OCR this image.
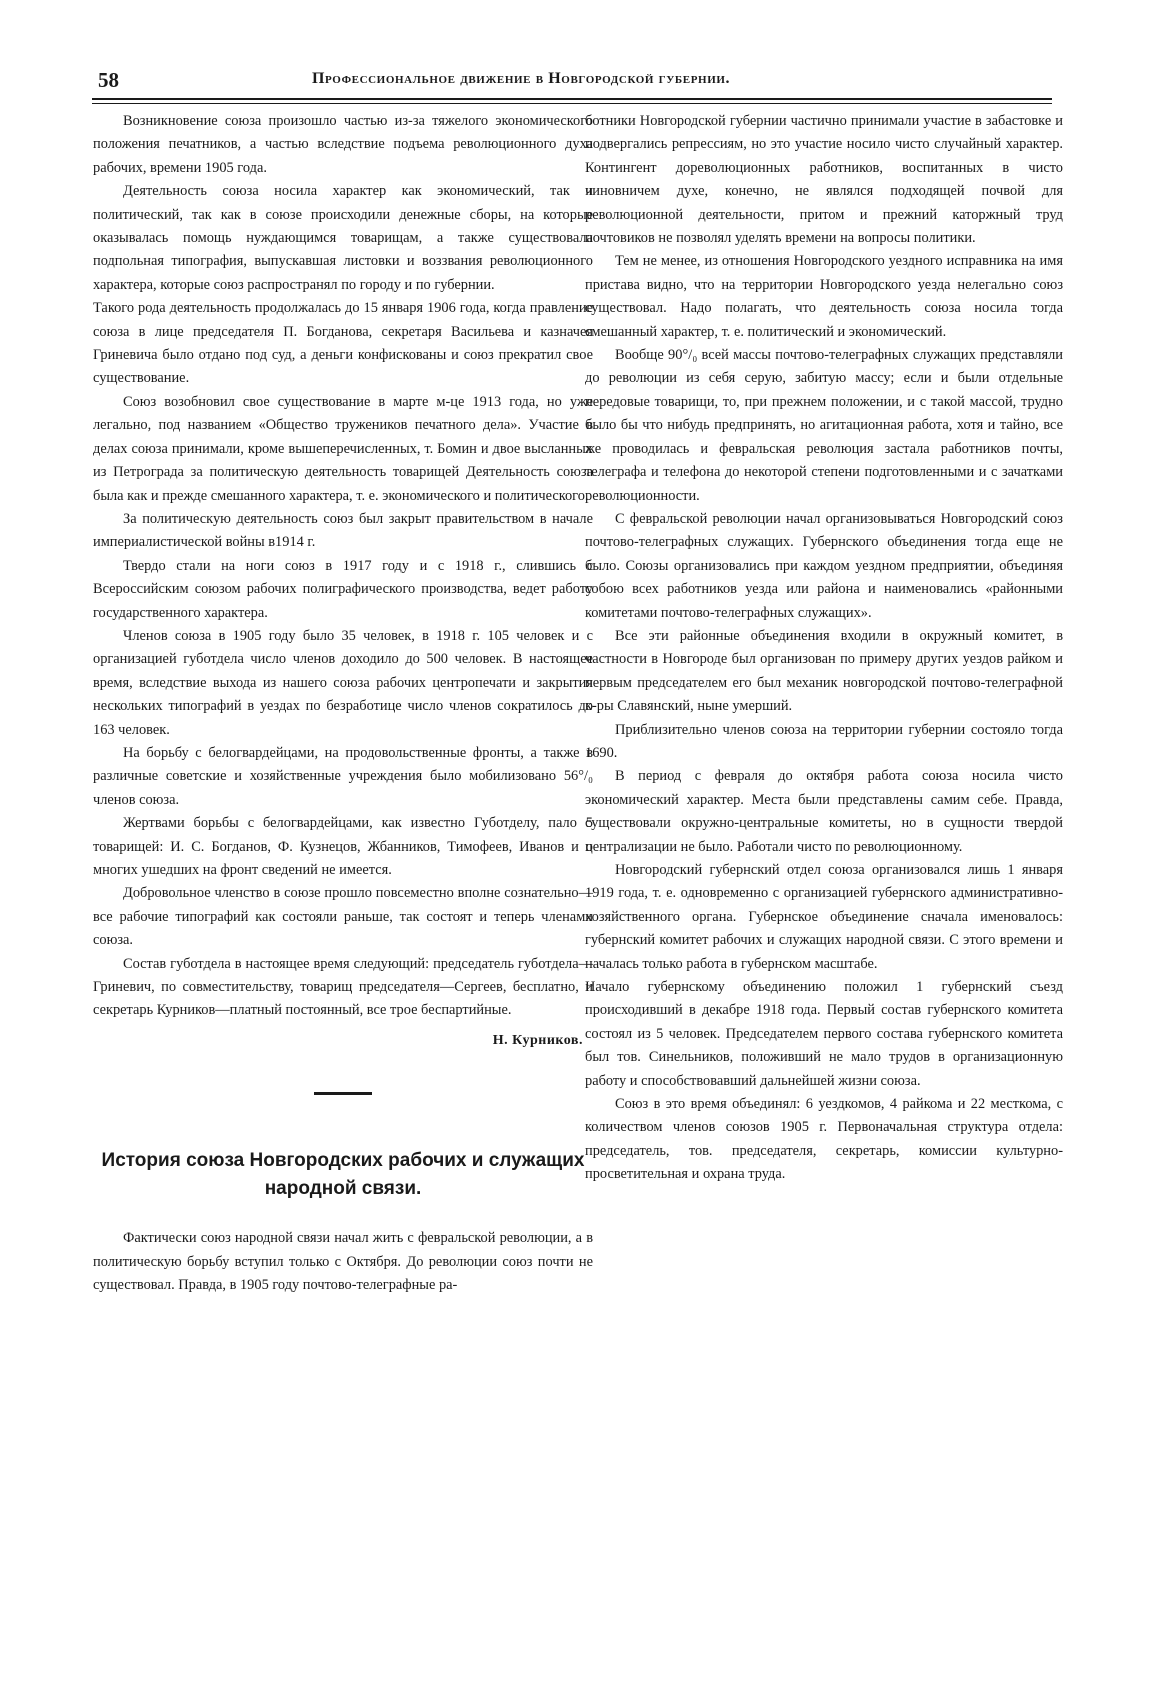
58	Профессиональное движение в Новгородской губернии.

Возникновение союза произошло частью из-за тяжелого экономического положения печатников, а частью вследствие подъема революционного духа рабочих, времени 1905 года.

Деятельность союза носила характер как экономический, так и политический, так как в союзе происходили денежные сборы, на которые оказывалась помощь нуждающимся товарищам, а также существовала подпольная типография, выпускавшая листовки и воззвания революционного характера, которые союз распространял по городу и по губернии.

Такого рода деятельность продолжалась до 15 января 1906 года, когда правление союза в лице председателя П. Богданова, секретаря Васильева и казначея Гриневича было отдано под суд, а деньги конфискованы и союз прекратил свое существование.

Союз возобновил свое существование в марте м-це 1913 года, но уже легально, под названием «Общество тружеников печатного дела». Участие в делах союза принимали, кроме вышеперечисленных, т. Бомин и двое высланных из Петрограда за политическую деятельность товарищей Деятельность союза была как и прежде смешанного характера, т. е. экономического и политического.

За политическую деятельность союз был закрыт правительством в начале империалистической войны в1914 г.

Твердо стали на ноги союз в 1917 году и с 1918 г., слившись с Всероссийским союзом рабочих полиграфического производства, ведет работу государственного характера.

Членов союза в 1905 году было 35 человек, в 1918 г. 105 человек и с организацией губотдела число членов доходило до 500 человек. В настоящее время, вследствие выхода из нашего союза рабочих центропечати и закрытия нескольких типографий в уездах по безработице число членов сократилось до 163 человек.

На борьбу с белогвардейцами, на продовольственные фронты, а также в различные советские и хозяйственные учреждения было мобилизовано 56°/₀ членов союза.

Жертвами борьбы с белогвардейцами, как известно Губотделу, пало 5 товарищей: И. С. Богданов, Ф. Кузнецов, Жбанников, Тимофеев, Иванов и о многих ушедших на фронт сведений не имеется.

Добровольное членство в союзе прошло повсеместно вполне сознательно—все рабочие типографий как состояли раньше, так состоят и теперь членами союза.

Состав губотдела в настоящее время следующий: председатель губотдела—Гриневич, по совместительству, товарищ председателя—Сергеев, бесплатно, и секретарь Курников—платный постоянный, все трое беспартийные.

Н. Курников.
История союза Новгородских рабочих и служащих народной связи.

Фактически союз народной связи начал жить с февральской революции, а в политическую борьбу вступил только с Октября. До революции союз почти не существовал. Правда, в 1905 году почтово-телеграфные ра-

ботники Новгородской губернии частично принимали участие в забастовке и подвергались репрессиям, но это участие носило чисто случайный характер. Контингент дореволюционных работников, воспитанных в чисто чиновничем духе, конечно, не являлся подходящей почвой для революционной деятельности, притом и прежний каторжный труд почтовиков не позволял уделять времени на вопросы политики.

Тем не менее, из отношения Новгородского уездного исправника на имя пристава видно, что на территории Новгородского уезда нелегально союз существовал. Надо полагать, что деятельность союза носила тогда смешанный характер, т. е. политический и экономический.

Вообще 90°/₀ всей массы почтово-телеграфных служащих представляли до революции из себя серую, забитую массу; если и были отдельные передовые товарищи, то, при прежнем положении, и с такой массой, трудно было бы что нибудь предпринять, но агитационная работа, хотя и тайно, все же проводилась и февральская революция застала работников почты, телеграфа и телефона до некоторой степени подготовленными и с зачатками революционности.

С февральской революции начал организовываться Новгородский союз почтово-телеграфных служащих. Губернского объединения тогда еще не было. Союзы организовались при каждом уездном предприятии, объединяя собою всех работников уезда или района и наименовались «районными комитетами почтово-телеграфных служащих».

Все эти районные объединения входили в окружный комитет, в частности в Новгороде был организован по примеру других уездов райком и первым председателем его был механик новгородской почтово-телеграфной к-ры Славянский, ныне умерший.

Приблизительно членов союза на территории губернии состояло тогда 1690.

В период с февраля до октября работа союза носила чисто экономический характер. Места были представлены самим себе. Правда, существовали окружно-центральные комитеты, но в сущности твердой централизации не было. Работали чисто по революционному.

Новгородский губернский отдел союза организовался лишь 1 января 1919 года, т. е. одновременно с организацией губернского административно-хозяйственного органа. Губернское объединение сначала именовалось: губернский комитет рабочих и служащих народной связи. С этого времени и началась только работа в губернском масштабе.

Начало губернскому объединению положил 1 губернский съезд происходивший в декабре 1918 года. Первый состав губернского комитета состоял из 5 человек. Председателем первого состава губернского комитета был тов. Синельников, положивший не мало трудов в организационную работу и способствовавший дальнейшей жизни союза.

Союз в это время объединял: 6 уездкомов, 4 райкома и 22 месткома, с количеством членов союзов 1905 г. Первоначальная структура отдела: председатель, тов. председателя, секретарь, комиссии культурно-просветительная и охрана труда.
